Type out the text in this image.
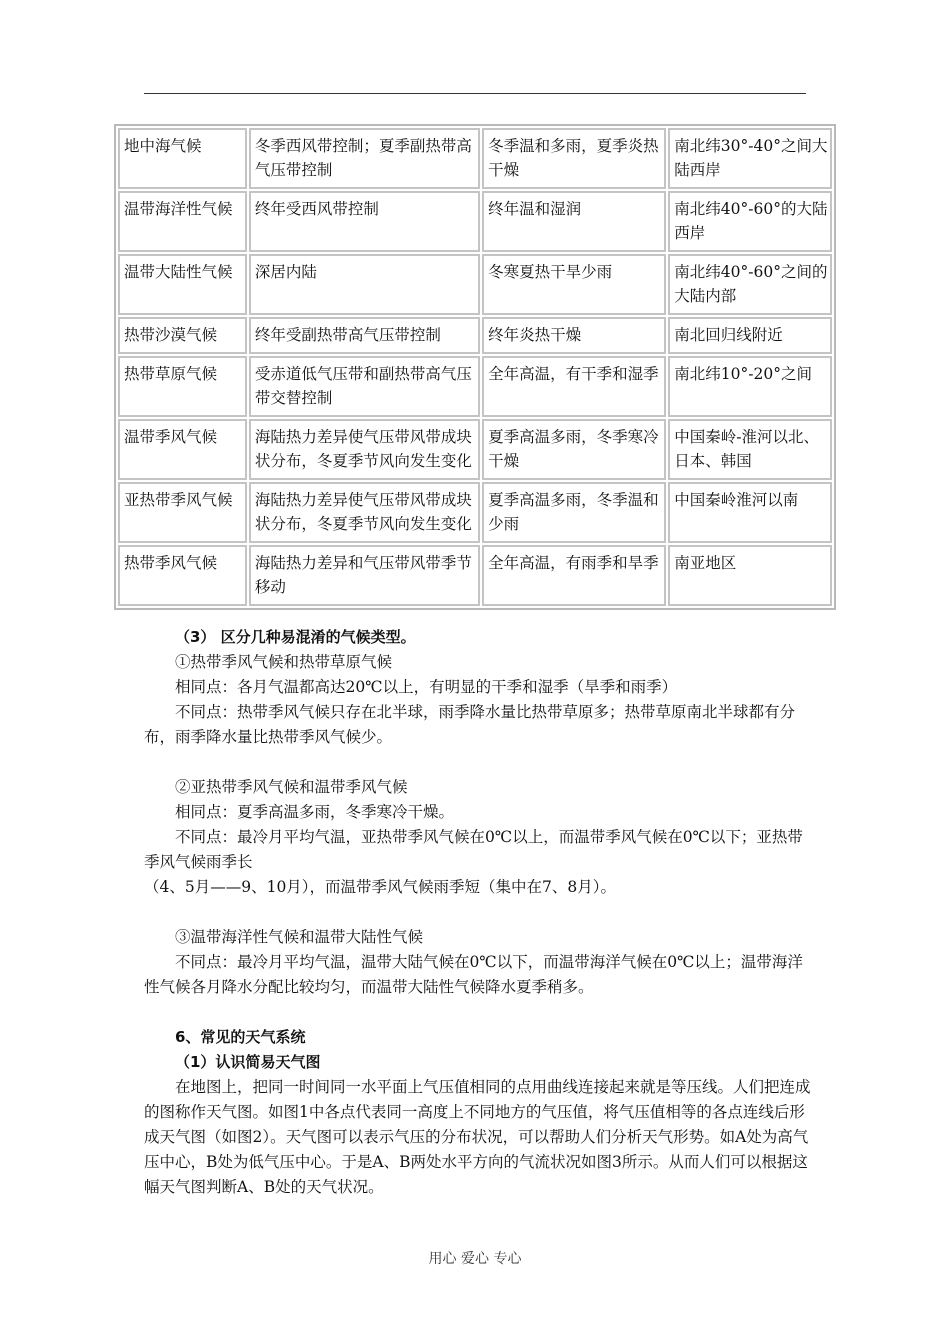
地中海气候	冬季西风带控制；夏季副热带高气压带控制	冬季温和多雨，夏季炎热干燥	南北纬30°-40°之间大陆西岸
温带海洋性气候	终年受西风带控制	终年温和湿润	南北纬40°-60°的大陆西岸
温带大陆性气候	深居内陆	冬寒夏热干旱少雨	南北纬40°-60°之间的大陆内部
热带沙漠气候	终年受副热带高气压带控制	终年炎热干燥	南北回归线附近
热带草原气候	受赤道低气压带和副热带高气压带交替控制	全年高温，有干季和湿季	南北纬10°-20°之间
温带季风气候	海陆热力差异使气压带风带成块状分布，冬夏季节风向发生变化	夏季高温多雨，冬季寒冷干燥	中国秦岭-淮河以北、日本、韩国
亚热带季风气候	海陆热力差异使气压带风带成块状分布，冬夏季节风向发生变化	夏季高温多雨，冬季温和少雨	中国秦岭淮河以南
热带季风气候	海陆热力差异和气压带风带季节移动	全年高温，有雨季和旱季	南亚地区

（3） 区分几种易混淆的气候类型。

①热带季风气候和热带草原气候

相同点：各月气温都高达20℃以上，有明显的干季和湿季（旱季和雨季）

不同点：热带季风气候只存在北半球，雨季降水量比热带草原多；热带草原南北半球都有分布，雨季降水量比热带季风气候少。

②亚热带季风气候和温带季风气候

相同点：夏季高温多雨，冬季寒冷干燥。

不同点：最冷月平均气温，亚热带季风气候在0℃以上，而温带季风气候在0℃以下；亚热带季风气候雨季长

（4、5月——9、10月），而温带季风气候雨季短（集中在7、8月）。

③温带海洋性气候和温带大陆性气候

不同点：最冷月平均气温，温带大陆气候在0℃以下，而温带海洋气候在0℃以上；温带海洋性气候各月降水分配比较均匀，而温带大陆性气候降水夏季稍多。

6、常见的天气系统

（1）认识简易天气图

在地图上，把同一时间同一水平面上气压值相同的点用曲线连接起来就是等压线。人们把连成的图称作天气图。如图1中各点代表同一高度上不同地方的气压值，将气压值相等的各点连线后形成天气图（如图2）。天气图可以表示气压的分布状况，可以帮助人们分析天气形势。如A处为高气压中心，B处为低气压中心。于是A、B两处水平方向的气流状况如图3所示。从而人们可以根据这幅天气图判断A、B处的天气状况。

用心 爱心 专心
